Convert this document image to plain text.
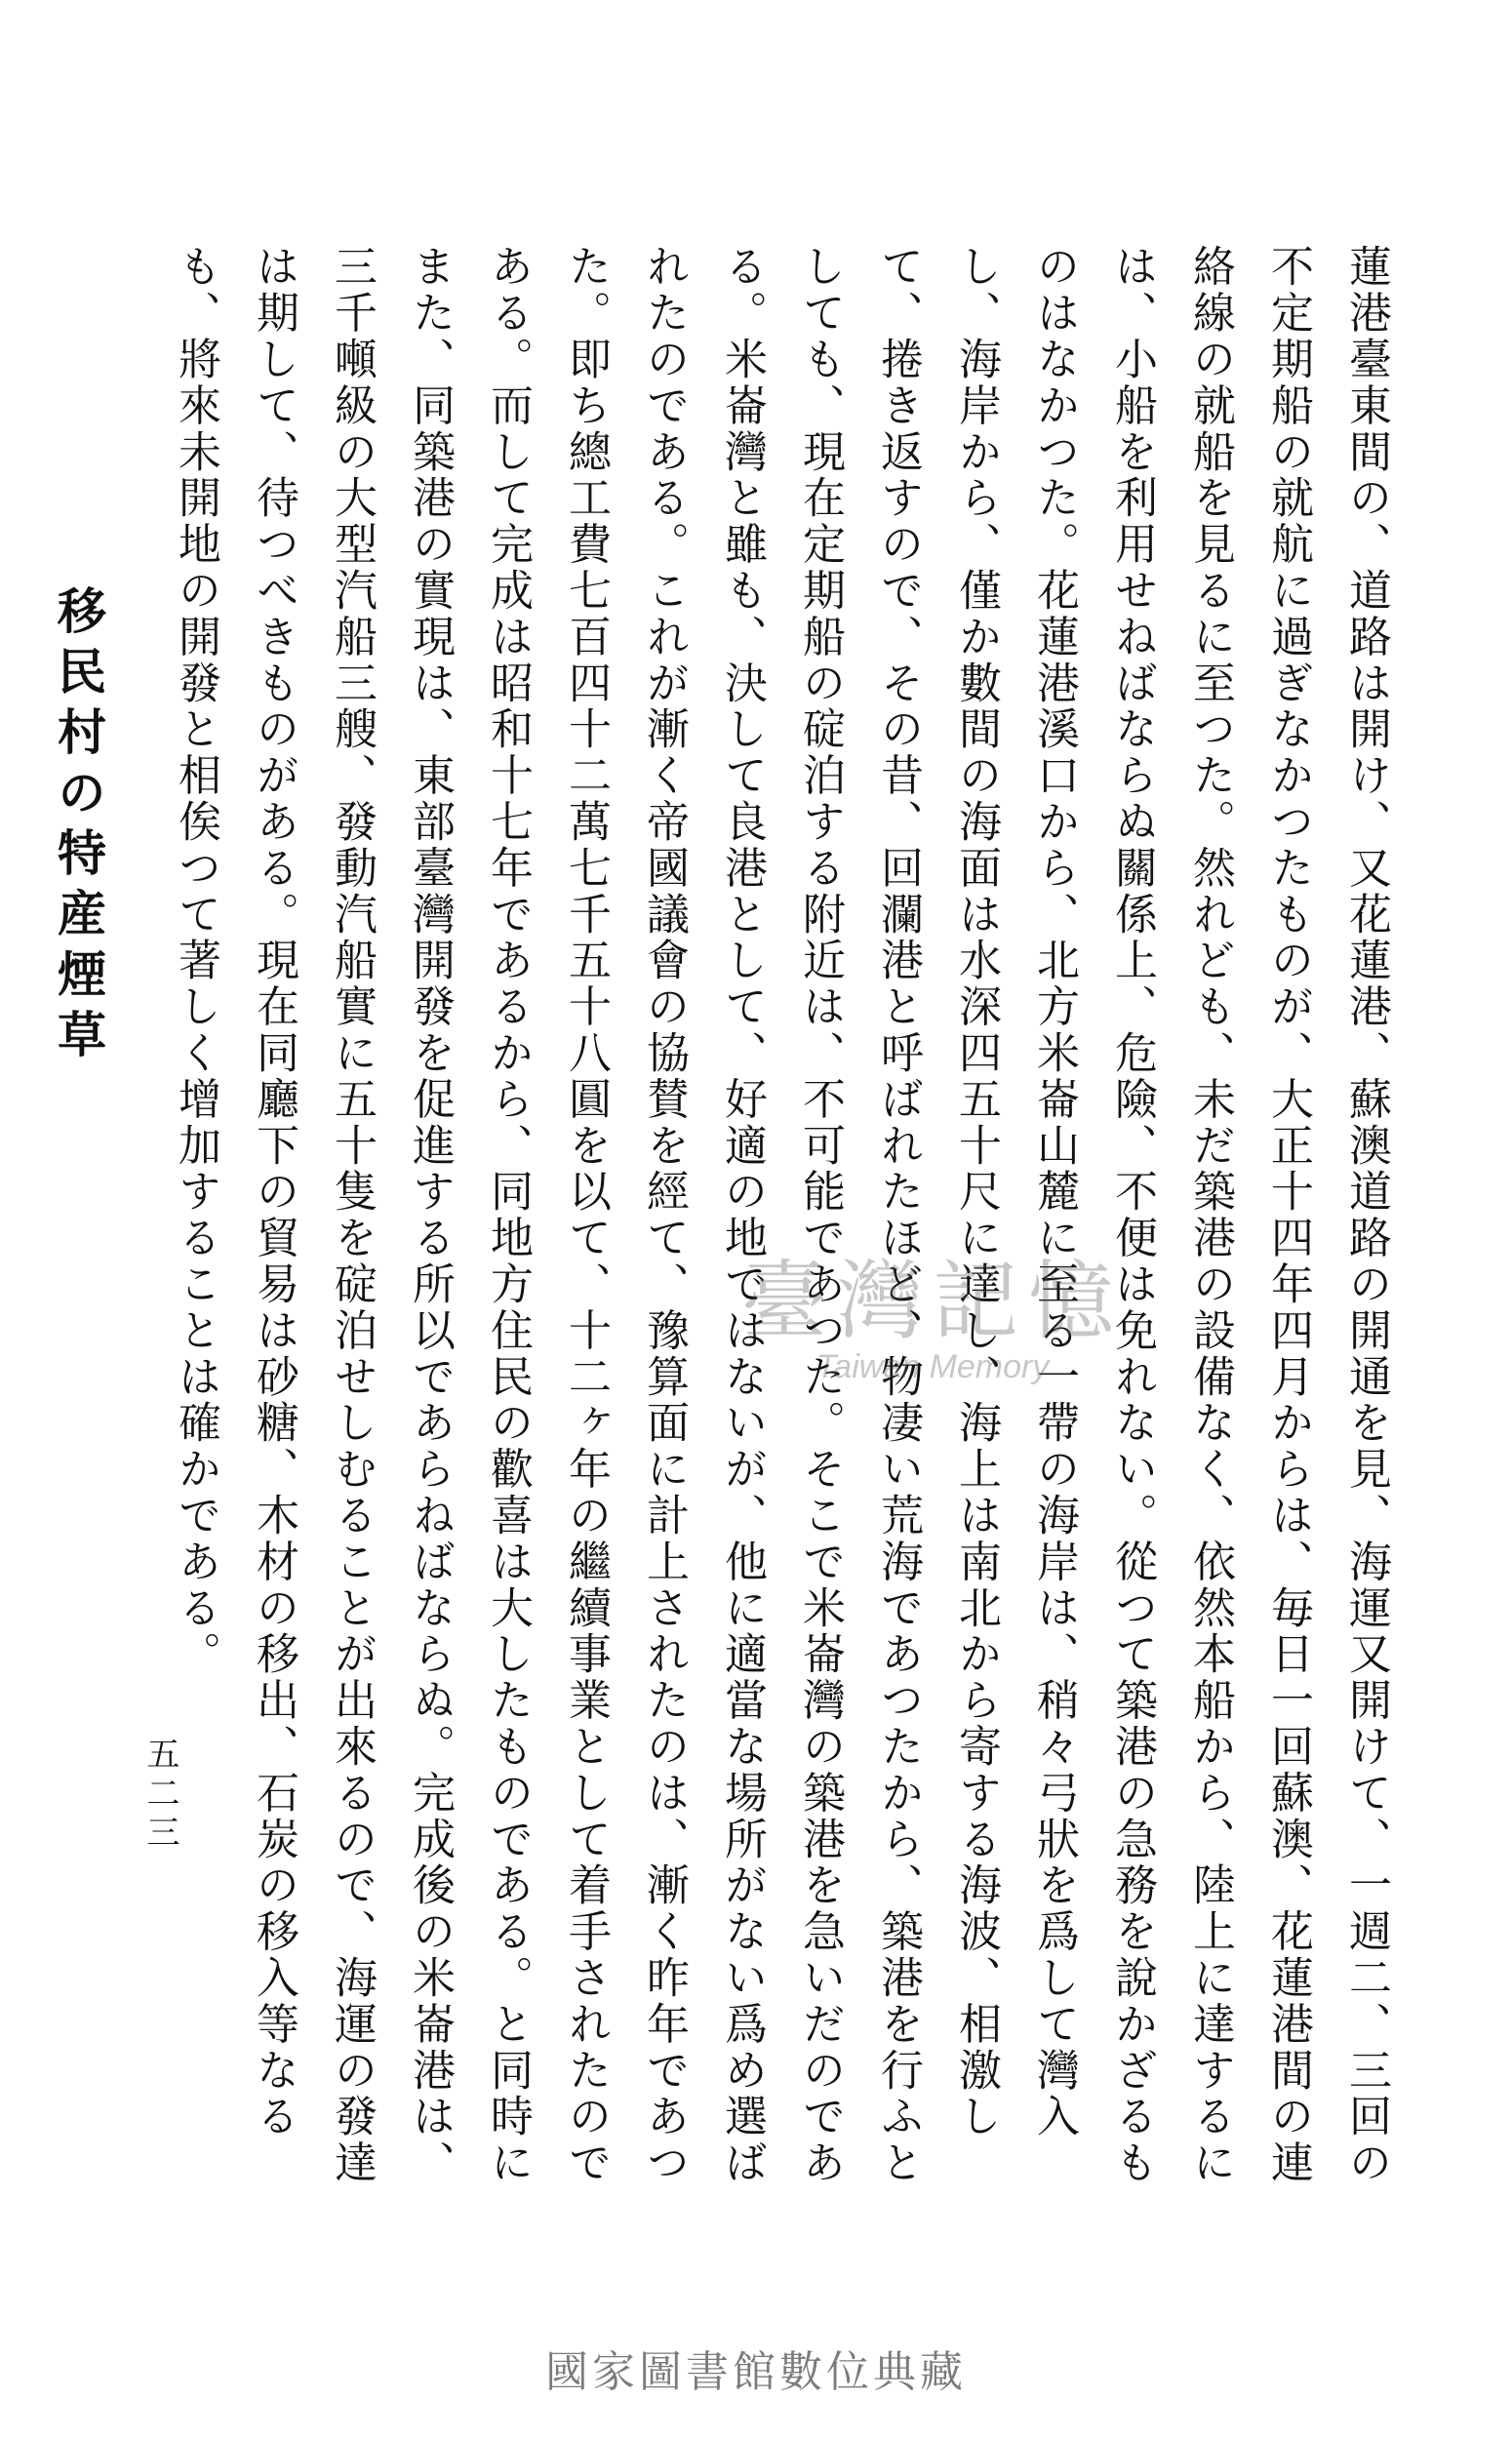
蓮港臺東間の、道路は開け、又花蓮港、蘇澳道路の開通を見、海運又開けて、一週二、三回の不定期船の就航に過ぎなかつたものが、大正十四年四月からは、毎日一回蘇澳、花蓮港間の連絡線の就船を見るに至つた。然れども、未だ築港の設備なく、依然本船から、陸上に達するには、小船を利用せねばならぬ關係上、危險、不便は免れない。從つて築港の急務を說かざるものはなかつた。花蓮港溪口から、北方米崙山麓に至る一帶の海岸は、稍々弓狀を爲して灣入し、海岸から、僅か數間の海面は水深四五十尺に達し、海上は南北から寄する海波、相激して、捲き返すので、その昔、回瀾港と呼ばれたほど、物凄い荒海であつたから、築港を行ふとしても、現在定期船の碇泊する附近は、不可能であつた。そこで米崙灣の築港を急いだのである。米崙灣と雖も、決して良港として、好適の地ではないが、他に適當な場所がない爲め選ばれたのである。これが漸く帝國議會の協賛を經て、豫算面に計上されたのは、漸く昨年であつた。即ち總工費七百四十二萬七千五十八圓を以て、十二ヶ年の繼續事業として着手されたのである。而して完成は昭和十七年であるから、同地方住民の歡喜は大したものである。と同時にまた、同築港の實現は、東部臺灣開發を促進する所以であらねばならぬ。完成後の米崙港は、三千噸級の大型汽船三艘、發動汽船實に五十隻を碇泊せしむることが出來るので、海運の發達は期して、待つべきものがある。現在同廳下の貿易は砂糖、木材の移出、石炭の移入等なるも、將來未開地の開發と相俟つて著しく增加することは確かである。

移民村の特産煙草

五二三
臺灣記憶
Taiwan Memory
國家圖書館數位典藏
